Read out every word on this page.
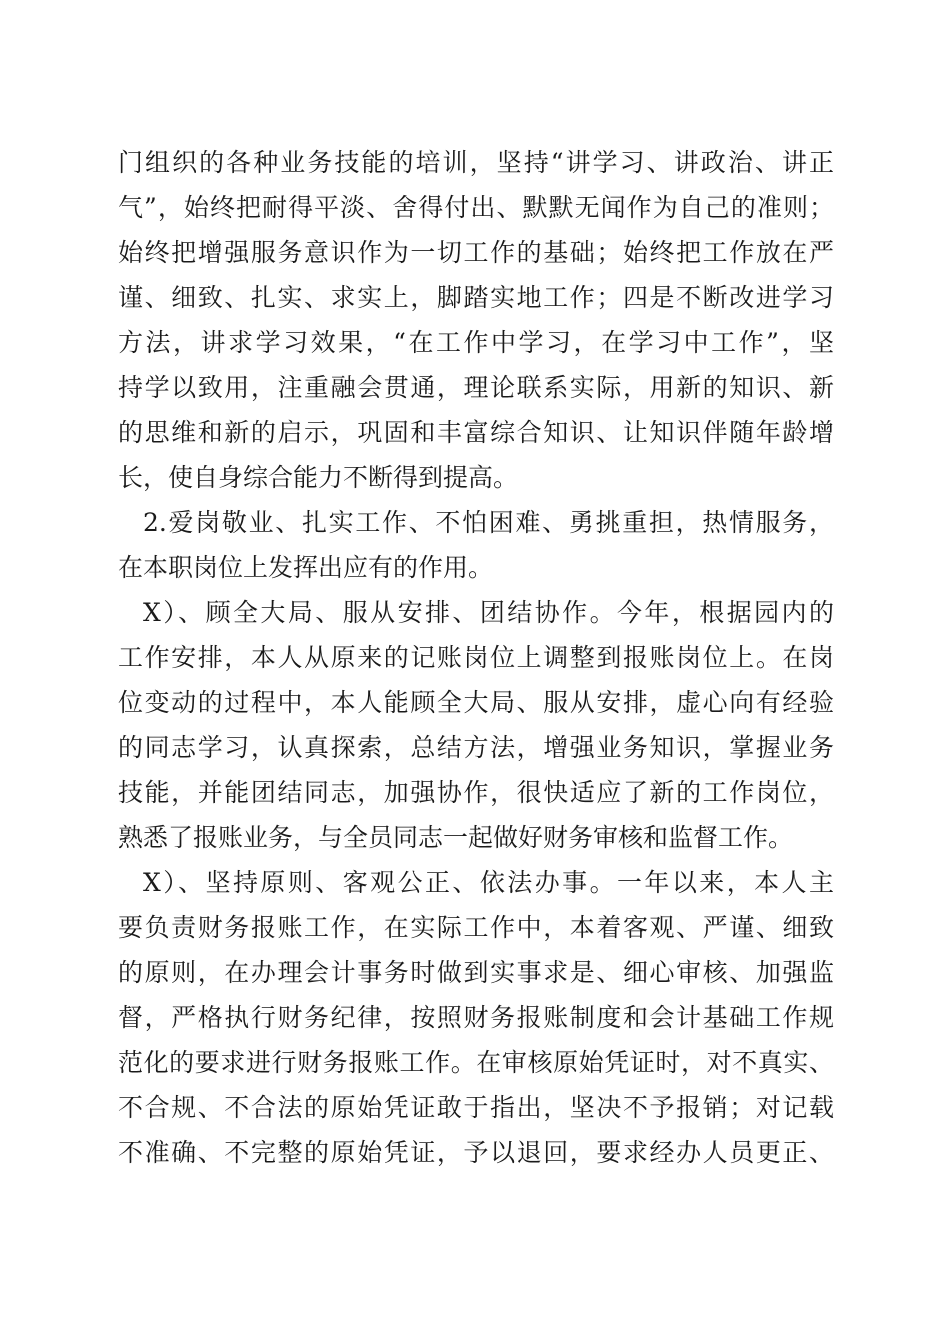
门组织的各种业务技能的培训，坚持“讲学习、讲政治、讲正
气”，始终把耐得平淡、舍得付出、默默无闻作为自己的准则；
始终把增强服务意识作为一切工作的基础；始终把工作放在严
谨、细致、扎实、求实上，脚踏实地工作；四是不断改进学习
方法，讲求学习效果，“在工作中学习，在学习中工作”，坚
持学以致用，注重融会贯通，理论联系实际，用新的知识、新
的思维和新的启示，巩固和丰富综合知识、让知识伴随年龄增
长，使自身综合能力不断得到提高。
2.爱岗敬业、扎实工作、不怕困难、勇挑重担，热情服务，
在本职岗位上发挥出应有的作用。
X）、顾全大局、服从安排、团结协作。今年，根据园内的
工作安排，本人从原来的记账岗位上调整到报账岗位上。在岗
位变动的过程中，本人能顾全大局、服从安排，虚心向有经验
的同志学习，认真探索，总结方法，增强业务知识，掌握业务
技能，并能团结同志，加强协作，很快适应了新的工作岗位，
熟悉了报账业务，与全员同志一起做好财务审核和监督工作。
X）、坚持原则、客观公正、依法办事。一年以来，本人主
要负责财务报账工作，在实际工作中，本着客观、严谨、细致
的原则，在办理会计事务时做到实事求是、细心审核、加强监
督，严格执行财务纪律，按照财务报账制度和会计基础工作规
范化的要求进行财务报账工作。在审核原始凭证时，对不真实、
不合规、不合法的原始凭证敢于指出，坚决不予报销；对记载
不准确、不完整的原始凭证，予以退回，要求经办人员更正、
